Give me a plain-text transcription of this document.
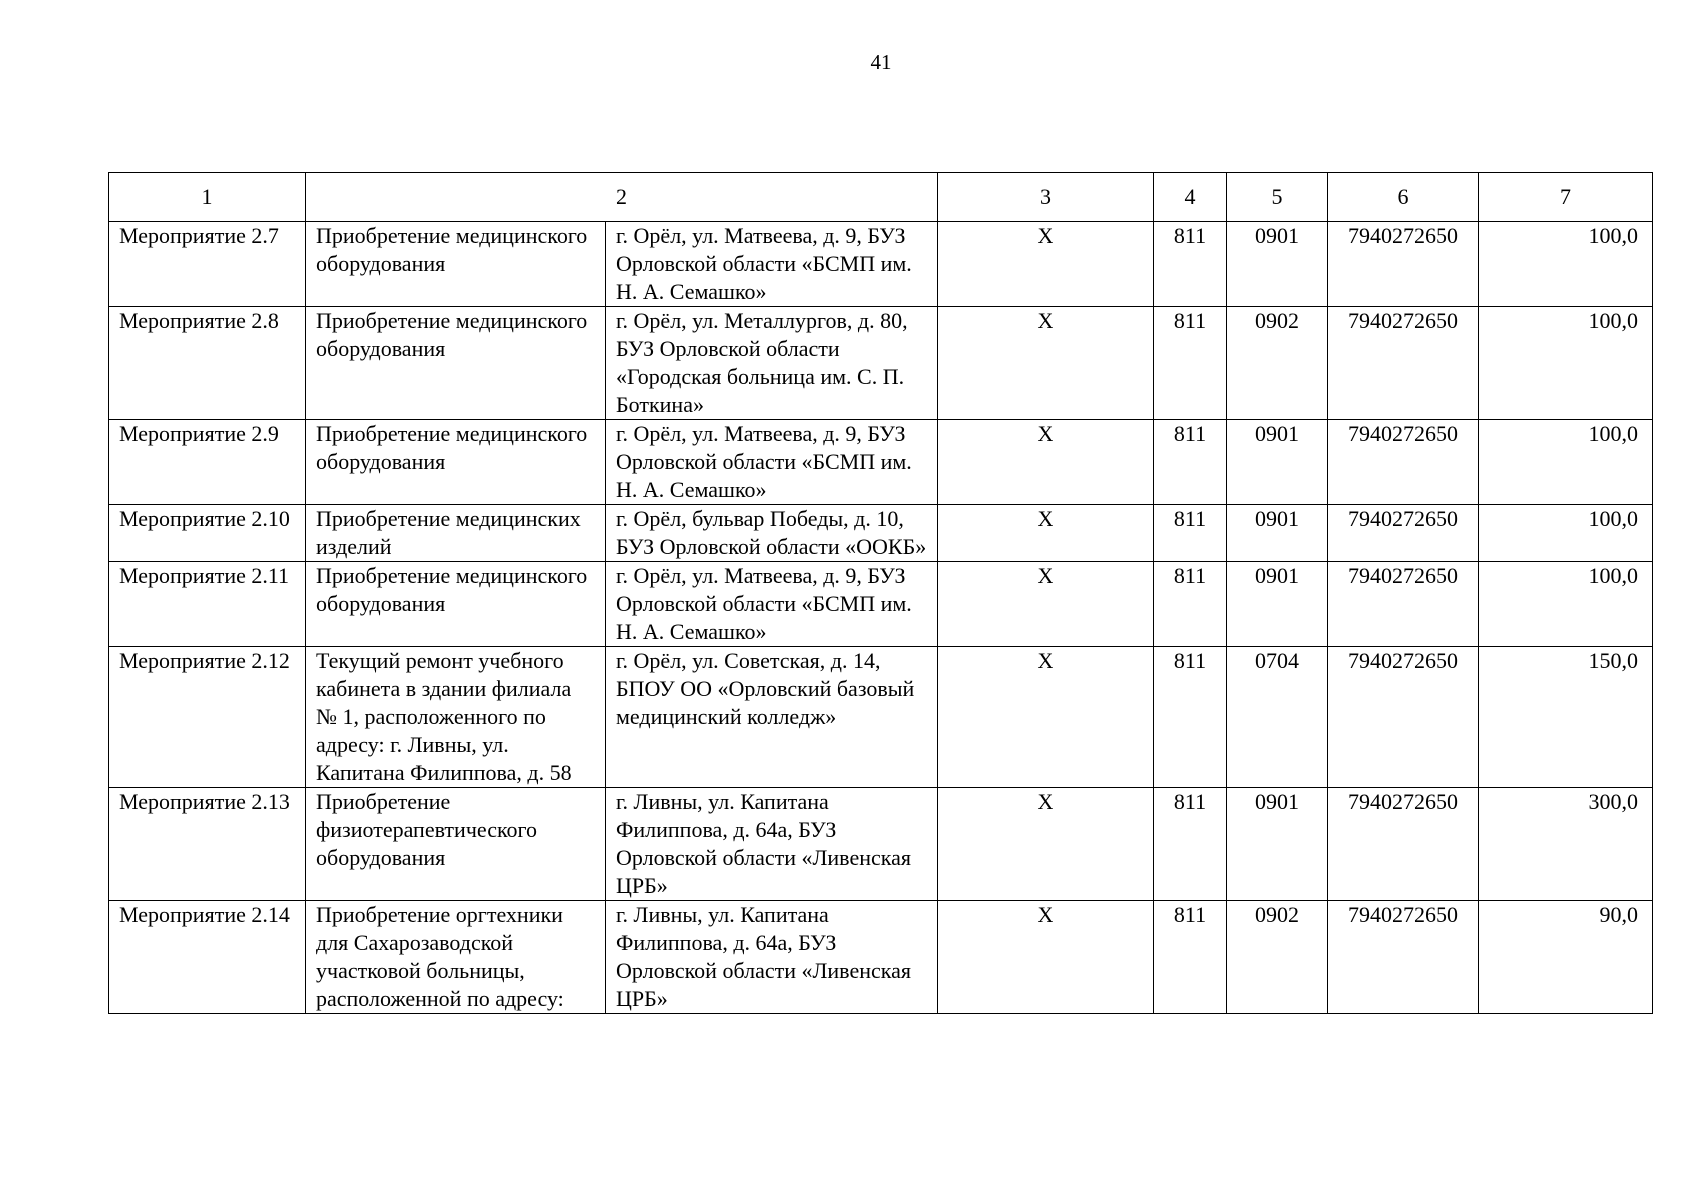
41
1	2		3	4	5	6	7
Мероприятие 2.7	Приобретение медицинского оборудования	г. Орёл, ул. Матвеева, д. 9, БУЗ Орловской области «БСМП им. Н. А. Семашко»	Х	811	0901	7940272650	100,0
Мероприятие 2.8	Приобретение медицинского оборудования	г. Орёл, ул. Металлургов, д. 80, БУЗ Орловской области «Городская больница им. С. П. Боткина»	Х	811	0902	7940272650	100,0
Мероприятие 2.9	Приобретение медицинского оборудования	г. Орёл, ул. Матвеева, д. 9, БУЗ Орловской области «БСМП им. Н. А. Семашко»	Х	811	0901	7940272650	100,0
Мероприятие 2.10	Приобретение медицинских изделий	г. Орёл, бульвар Победы, д. 10, БУЗ Орловской области «ООКБ»	Х	811	0901	7940272650	100,0
Мероприятие 2.11	Приобретение медицинского оборудования	г. Орёл, ул. Матвеева, д. 9, БУЗ Орловской области «БСМП им. Н. А. Семашко»	Х	811	0901	7940272650	100,0
Мероприятие 2.12	Текущий ремонт учебного кабинета в здании филиала № 1, расположенного по адресу: г. Ливны, ул. Капитана Филиппова, д. 58	г. Орёл, ул. Советская, д. 14, БПОУ ОО «Орловский базовый медицинский колледж»	Х	811	0704	7940272650	150,0
Мероприятие 2.13	Приобретение физиотерапевтического оборудования	г. Ливны, ул. Капитана Филиппова, д. 64а, БУЗ Орловской области «Ливенская ЦРБ»	Х	811	0901	7940272650	300,0
Мероприятие 2.14	Приобретение оргтехники для Сахарозаводской участковой больницы, расположенной по адресу:	г. Ливны, ул. Капитана Филиппова, д. 64а, БУЗ Орловской области «Ливенская ЦРБ»	Х	811	0902	7940272650	90,0
